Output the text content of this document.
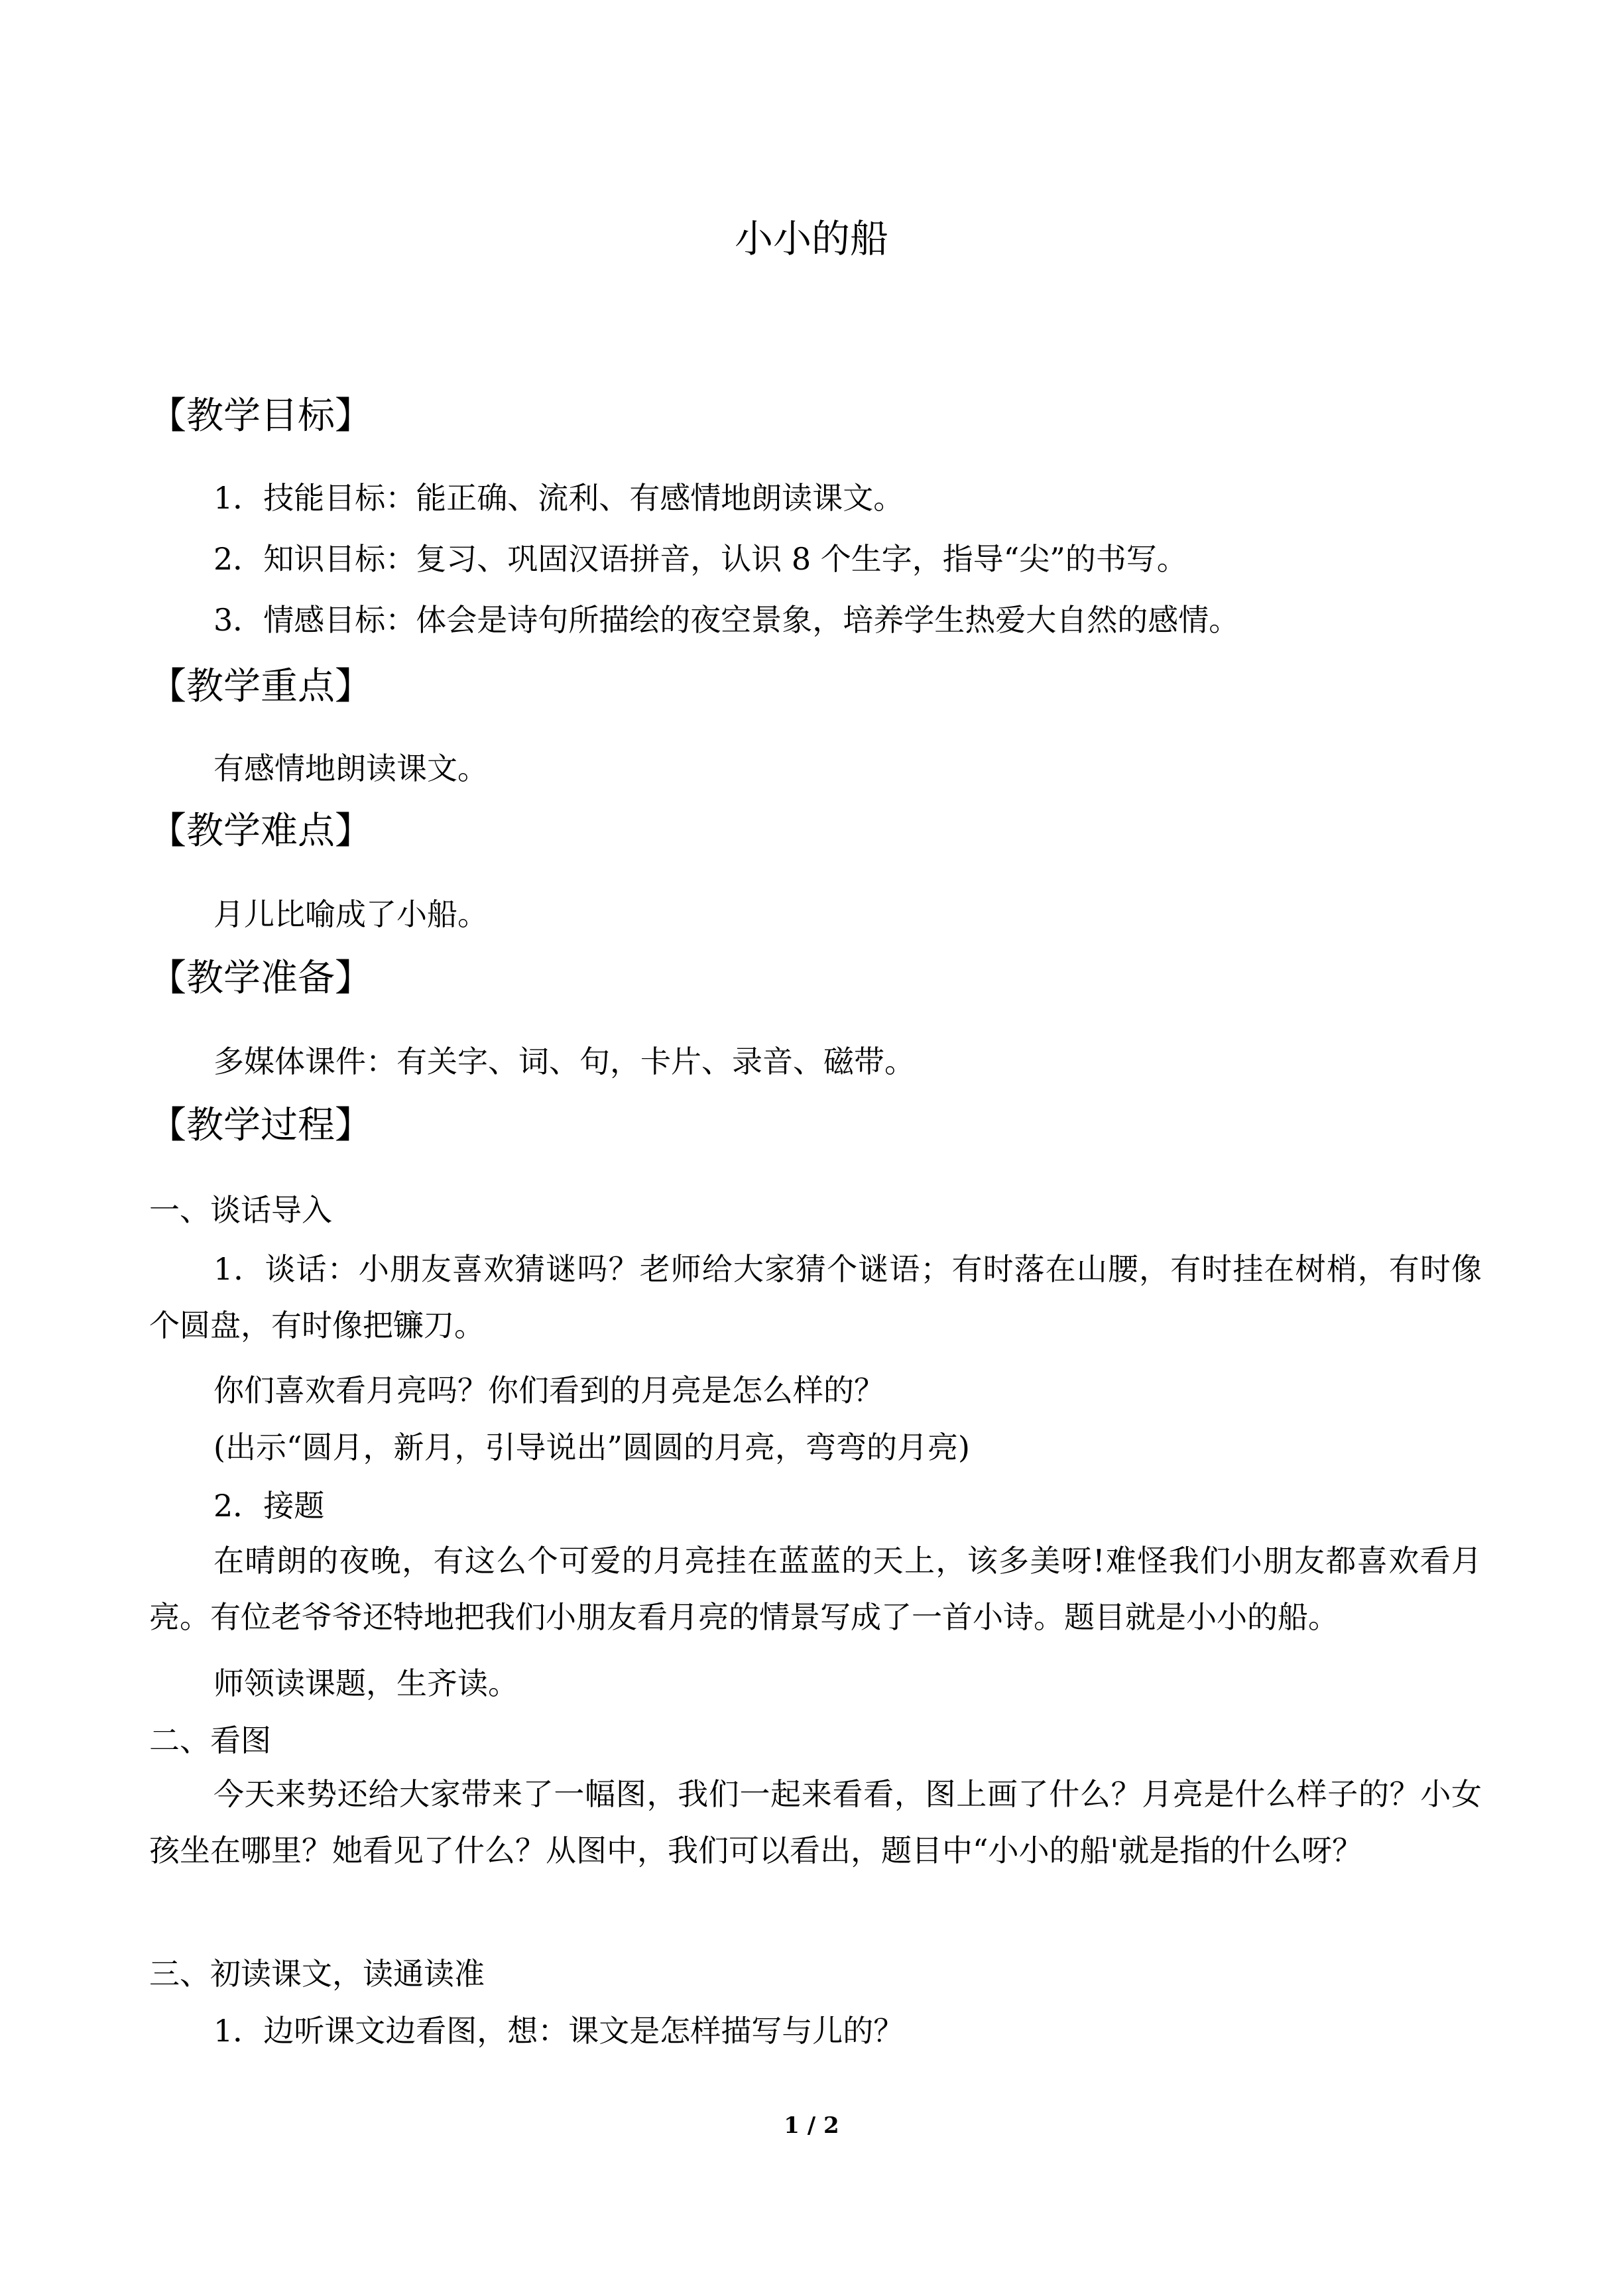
小小的船
【教学目标】
1．技能目标：能正确、流利、有感情地朗读课文。
2．知识目标：复习、巩固汉语拼音，认识 8 个生字，指导“尖”的书写。
3．情感目标：体会是诗句所描绘的夜空景象，培养学生热爱大自然的感情。
【教学重点】
有感情地朗读课文。
【教学难点】
月儿比喻成了小船。
【教学准备】
多媒体课件：有关字、词、句，卡片、录音、磁带。
【教学过程】
一、谈话导入
1．谈话：小朋友喜欢猜谜吗？老师给大家猜个谜语；有时落在山腰，有时挂在树梢，有时像个圆盘，有时像把镰刀。
你们喜欢看月亮吗？你们看到的月亮是怎么样的？
(出示“圆月，新月，引导说出”圆圆的月亮，弯弯的月亮)
2．接题
在晴朗的夜晚，有这么个可爱的月亮挂在蓝蓝的天上，该多美呀!难怪我们小朋友都喜欢看月亮。有位老爷爷还特地把我们小朋友看月亮的情景写成了一首小诗。题目就是小小的船。
师领读课题，生齐读。
二、看图
今天来势还给大家带来了一幅图，我们一起来看看，图上画了什么？月亮是什么样子的？小女孩坐在哪里？她看见了什么？从图中，我们可以看出，题目中“小小的船'就是指的什么呀？
三、初读课文，读通读准
1．边听课文边看图，想：课文是怎样描写与儿的？
1 / 2
